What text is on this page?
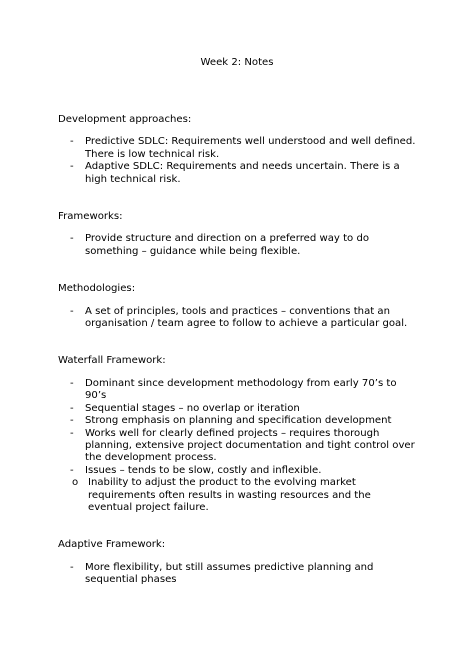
Week 2: Notes
Development approaches:
- Predictive SDLC: Requirements well understood and well defined. There is low technical risk.
- Adaptive SDLC: Requirements and needs uncertain. There is a high technical risk.
Frameworks:
- Provide structure and direction on a preferred way to do something – guidance while being flexible.
Methodologies:
- A set of principles, tools and practices – conventions that an organisation / team agree to follow to achieve a particular goal.
Waterfall Framework:
- Dominant since development methodology from early 70’s to 90’s
- Sequential stages – no overlap or iteration
- Strong emphasis on planning and specification development
- Works well for clearly defined projects – requires thorough planning, extensive project documentation and tight control over the development process.
- Issues – tends to be slow, costly and inflexible.
o Inability to adjust the product to the evolving market requirements often results in wasting resources and the eventual project failure.
Adaptive Framework:
- More flexibility, but still assumes predictive planning and sequential phases
